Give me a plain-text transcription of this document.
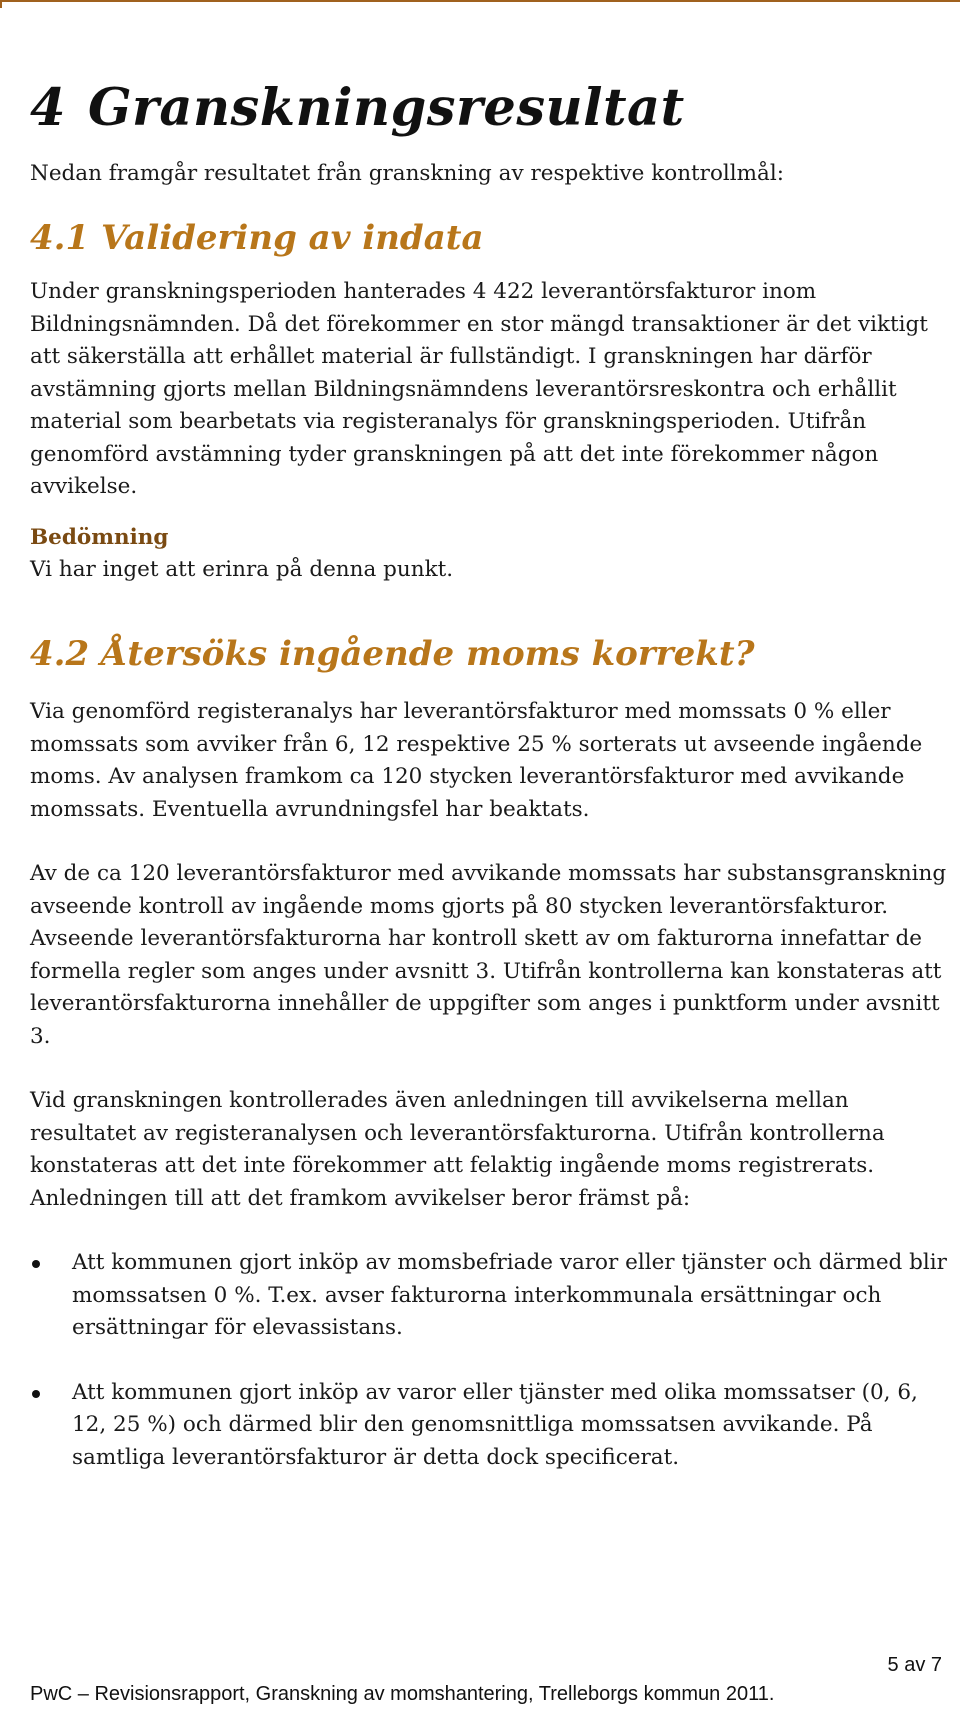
4 Granskningsresultat

Nedan framgår resultatet från granskning av respektive kontrollmål:

4.1 Validering av indata

Under granskningsperioden hanterades 4 422 leverantörsfakturor inom Bildningsnämnden. Då det förekommer en stor mängd transaktioner är det viktigt att säkerställa att erhållet material är fullständigt. I granskningen har därför avstämning gjorts mellan Bildningsnämndens leverantörsreskontra och erhållit material som bearbetats via registeranalys för granskningsperioden. Utifrån genomförd avstämning tyder granskningen på att det inte förekommer någon avvikelse.

Bedömning

Vi har inget att erinra på denna punkt.

4.2 Återsöks ingående moms korrekt?

Via genomförd registeranalys har leverantörsfakturor med momssats 0 % eller momssats som avviker från 6, 12 respektive 25 % sorterats ut avseende ingående moms. Av analysen framkom ca 120 stycken leverantörsfakturor med avvikande momssats. Eventuella avrundningsfel har beaktats.

Av de ca 120 leverantörsfakturor med avvikande momssats har substansgranskning avseende kontroll av ingående moms gjorts på 80 stycken leverantörsfakturor. Avseende leverantörsfakturorna har kontroll skett av om fakturorna innefattar de formella regler som anges under avsnitt 3. Utifrån kontrollerna kan konstateras att leverantörsfakturorna innehåller de uppgifter som anges i punktform under avsnitt 3.

Vid granskningen kontrollerades även anledningen till avvikelserna mellan resultatet av registeranalysen och leverantörsfakturorna. Utifrån kontrollerna konstateras att det inte förekommer att felaktig ingående moms registrerats. Anledningen till att det framkom avvikelser beror främst på:

Att kommunen gjort inköp av momsbefriade varor eller tjänster och därmed blir momssatsen 0 %. T.ex. avser fakturorna interkommunala ersättningar och ersättningar för elevassistans.
Att kommunen gjort inköp av varor eller tjänster med olika momssatser (0, 6, 12, 25 %) och därmed blir den genomsnittliga momssatsen avvikande. På samtliga leverantörsfakturor är detta dock specificerat.
5 av 7
PwC – Revisionsrapport, Granskning av momshantering, Trelleborgs kommun 2011.
